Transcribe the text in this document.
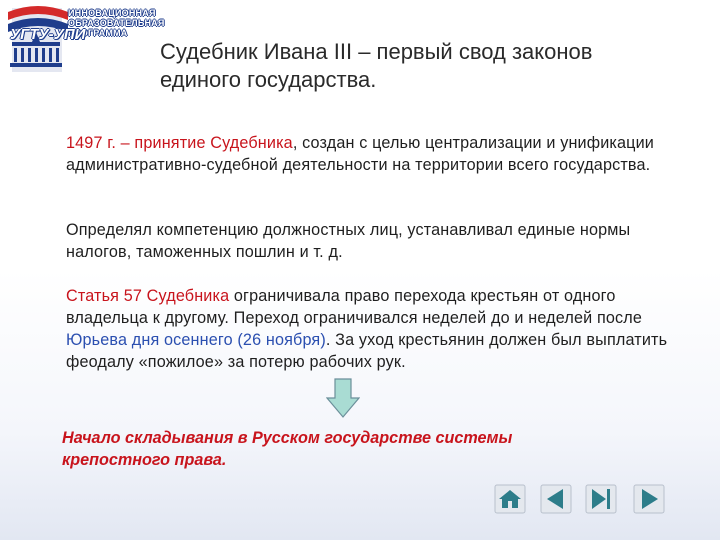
ИННОВАЦИОННАЯ
ОБРАЗОВАТЕЛЬНАЯ
ПРОГРАММА
УГТУ-УПИ
Судебник Ивана III – первый свод законов
единого государства.
1497 г. – принятие Судебника, создан с целью централизации и унификации административно-судебной деятельности на территории всего государства.
Определял компетенцию должностных лиц, устанавливал единые нормы налогов, таможенных пошлин и т. д.
Статья 57 Судебника ограничивала право перехода крестьян от одного владельца к другому. Переход ограничивался неделей до и неделей после Юрьева дня осеннего (26 ноября). За уход крестьянин должен был выплатить феодалу «пожилое» за потерю рабочих рук.
Начало складывания в Русском государстве системы крепостного права.
